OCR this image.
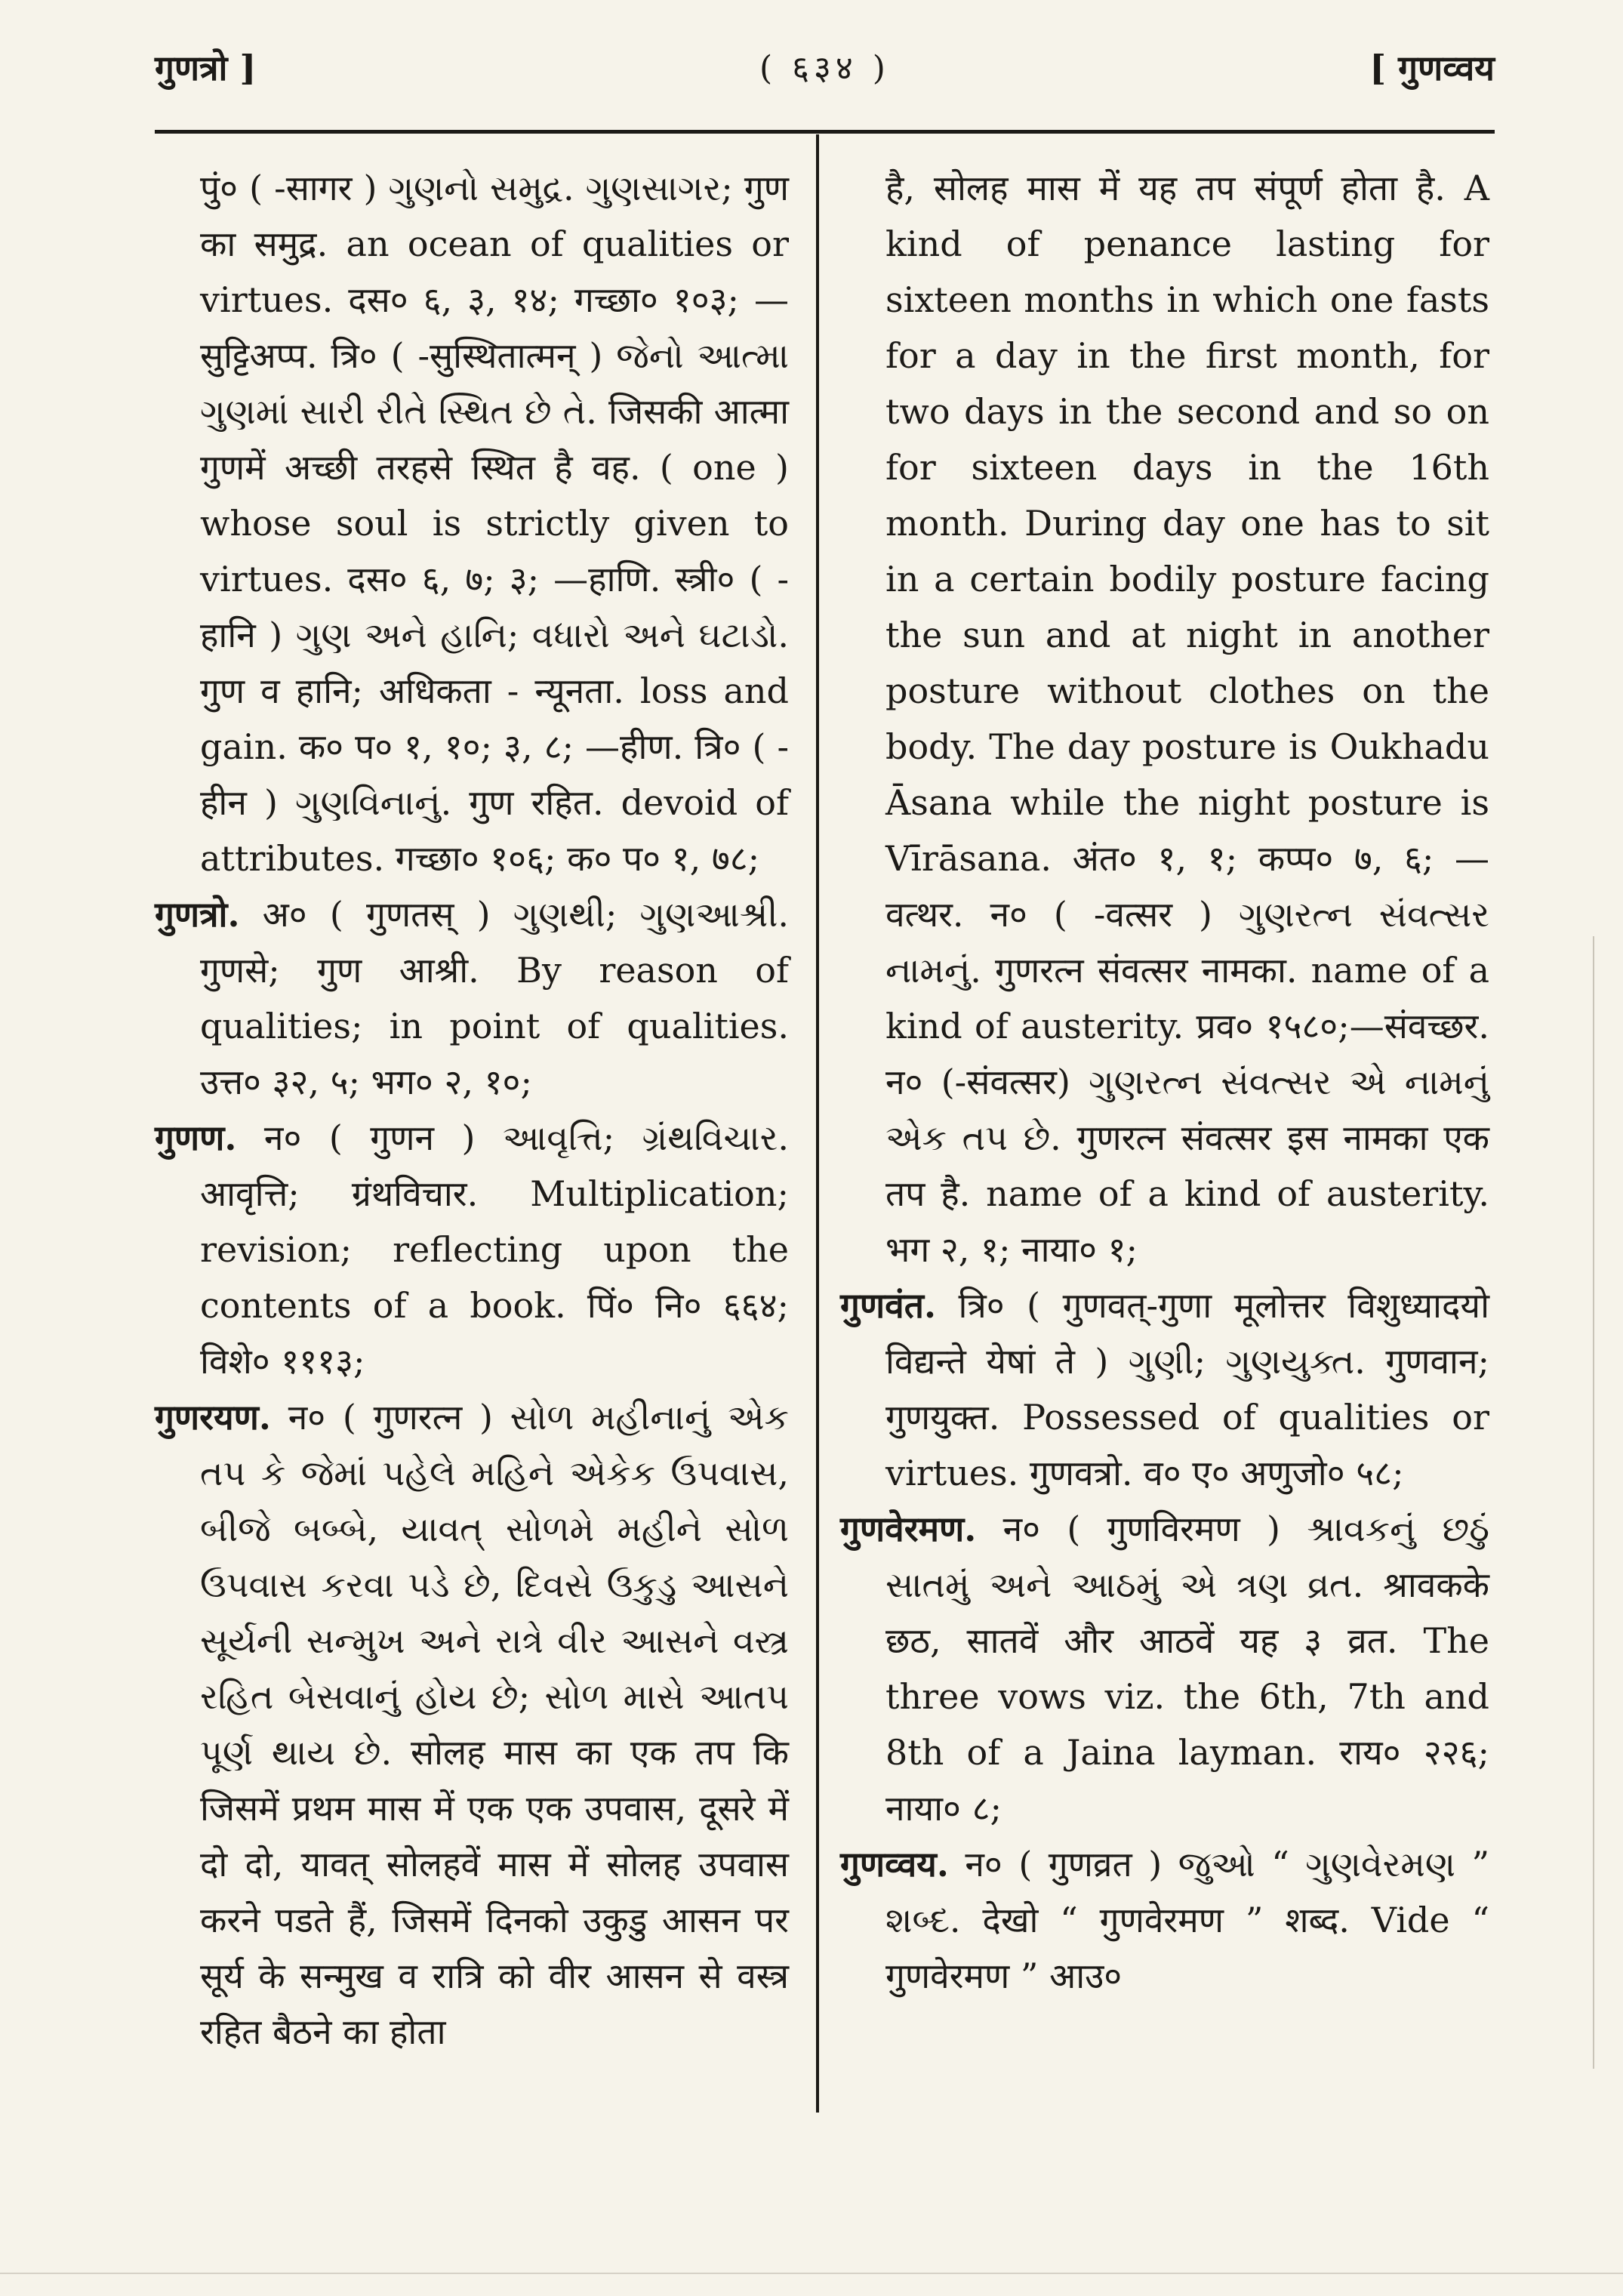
गुणत्रो ]	( ६३४ )	[ गुणव्वय

पुं० ( -सागर ) ગુણનો સમુદ્ર. ગુણસાગર; गुण का समुद्र. an ocean of qualities or virtues. दस० ६, ३, १४; गच्छा० १०३; —सुट्टिअप्प. त्रि० ( -सुस्थितात्मन् ) જેનો આત્મા ગુણમાં સારી રીતે સ્થિત છે તે. जिसकी आत्मा गुणमें अच्छी तरहसे स्थित है वह. ( one ) whose soul is strictly given to virtues. दस० ६, ७; ३; —हाणि. स्त्री० ( -हानि ) ગુણ અને હાનિ; વધારો અને ઘટાડો. गुण व हानि; अधिकता - न्यूनता. loss and gain. क० प० १, १०; ३, ८; —हीण. त्रि० ( -हीन ) ગુણવિનાનું. गुण रहित. devoid of attributes. गच्छा० १०६; क० प० १, ७८;

गुणत्रो. अ० ( गुणतस् ) ગુણથી; ગુણઆશ્રી. गुणसे; गुण आश्री. By reason of qualities; in point of qualities. उत्त० ३२, ५; भग० २, १०;

गुणण. न० ( गुणन ) આવૃત્તિ; ગ્રંથવિચાર. आवृत्ति; ग्रंथविचार. Multiplication; revision; reflecting upon the contents of a book. पिं० नि० ६६४; विशे० १११३;

गुणरयण. न० ( गुणरत्न ) સોળ મહીનાનું એક તપ કે જેમાં પહેલે મહિને એકેક ઉપવાસ, બીજે બબ્બે, યાવત્ સોળમે મહીને સોળ ઉપવાસ કરવા પડે છે, દિવસે ઉકુડુ આસને સૂર્યની સન્મુખ અને રાત્રે વીર આસને વસ્ત્ર રહિત બેસવાનું હોય છે; સોળ માસે આતપ પૂર્ણ થાય છે. सोलह मास का एक तप कि जिसमें प्रथम मास में एक एक उपवास, दूसरे में दो दो, यावत् सोलहवें मास में सोलह उपवास करने पडते हैं, जिसमें दिनको उकुडु आसन पर सूर्य के सन्मुख व रात्रि को वीर आसन से वस्त्र रहित बैठने का होता

है, सोलह मास में यह तप संपूर्ण होता है. A kind of penance lasting for sixteen months in which one fasts for a day in the first month, for two days in the second and so on for sixteen days in the 16th month. During day one has to sit in a certain bodily posture facing the sun and at night in another posture without clothes on the body. The day posture is Oukhadu Āsana while the night posture is Vīrāsana. अंत० १, १; कप्प० ७, ६; —वत्थर. न० ( -वत्सर ) ગુણરત્ન સંવત્સર નામનું. गुणरत्न संवत्सर नामका. name of a kind of austerity. प्रव० १५८०;—संवच्छर. न० (-संवत्सर) ગુણરત્ન સંવત્સર એ નામનું એક તપ છે. गुणरत्न संवत्सर इस नामका एक तप है. name of a kind of austerity. भग २, १; नाया० १;

गुणवंत. त्रि० ( गुणवत्-गुणा मूलोत्तर विशुध्यादयो विद्यन्ते येषां ते ) ગુણી; ગુણયુક્ત. गुणवान; गुणयुक्त. Possessed of qualities or virtues. गुणवत्रो. व० ए० अणुजो० ५८;

गुणवेरमण. न० ( गुणविरमण ) શ્રાવકનું છઠું સાતમું અને આઠમું એ ત્રણ વ્રત. श्रावकके छठ, सातवें और आठवें यह ३ व्रत. The three vows viz. the 6th, 7th and 8th of a Jaina layman. राय० २२६; नाया० ८;

गुणव्वय. न० ( गुणव्रत ) જુઓ “ ગુણવેરમણ ” શબ્દ. देखो “ गुणवेरमण ” शब्द. Vide “ गुणवेरमण ” आउ०
